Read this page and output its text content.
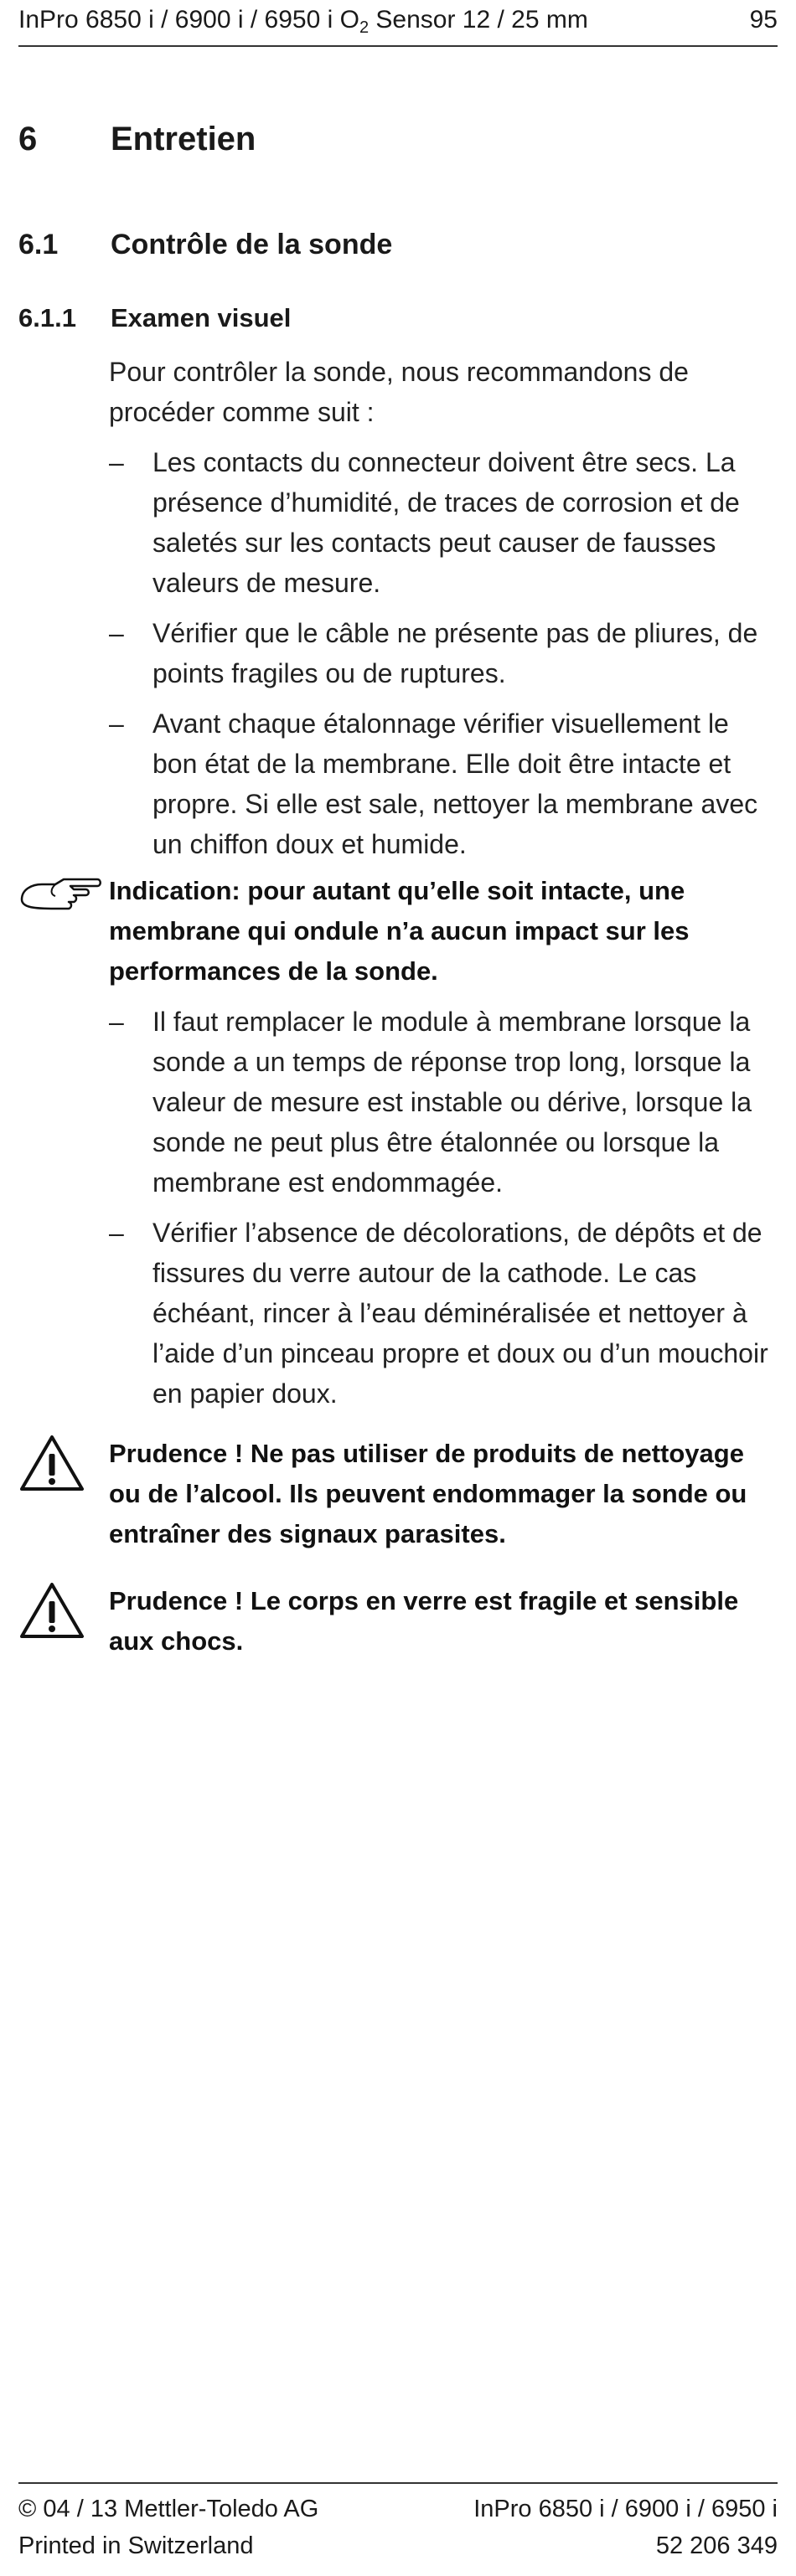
InPro 6850 i / 6900 i / 6950 i $O_2$ Sensor 12 / 25 mm	95
6 Entretien
6.1 Contrôle de la sonde
6.1.1 Examen visuel
Pour contrôler la sonde, nous recommandons de procéder comme suit :
– Les contacts du connecteur doivent être secs. La présence d’humidité, de traces de corrosion et de saletés sur les contacts peut causer de fausses valeurs de mesure.
– Vérifier que le câble ne présente pas de pliures, de points fragiles ou de ruptures.
– Avant chaque étalonnage vérifier visuellement le bon état de la membrane. Elle doit être intacte et propre. Si elle est sale, nettoyer la membrane avec un chiffon doux et humide.
Indication: pour autant qu’elle soit intacte, une membrane qui ondule n’a aucun impact sur les performances de la sonde.
– Il faut remplacer le module à membrane lorsque la sonde a un temps de réponse trop long, lorsque la valeur de mesure est instable ou dérive, lorsque la sonde ne peut plus être étalonnée ou lorsque la membrane est endommagée.
– Vérifier l’absence de décolorations, de dépôts et de fissures du verre autour de la cathode. Le cas échéant, rincer à l’eau déminéralisée et nettoyer à l’aide d’un pinceau propre et doux ou d’un mouchoir en papier doux.
Prudence ! Ne pas utiliser de produits de nettoyage ou de l’alcool. Ils peuvent endommager la sonde ou entraîner des signaux parasites.
Prudence ! Le corps en verre est fragile et sensible aux chocs.
© 04 / 13 Mettler-Toledo AG
Printed in Switzerland
InPro 6850 i / 6900 i / 6950 i
52 206 349
